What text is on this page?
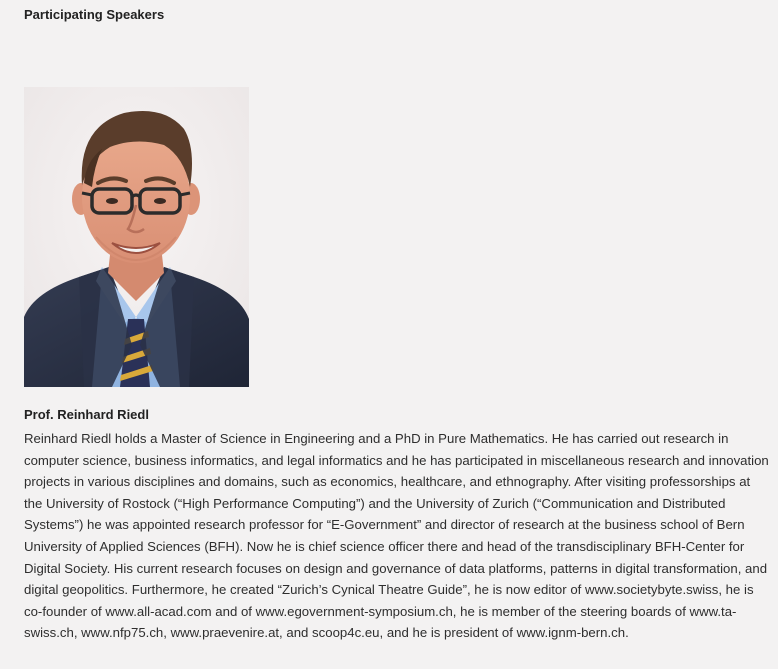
Participating Speakers
Prof. Reinhard Riedl

Reinhard Riedl holds a Master of Science in Engineering and a PhD in Pure Mathematics. He has carried out research in computer science, business informatics, and legal informatics and he has participated in miscellaneous research and innovation projects in various disciplines and domains, such as economics, healthcare, and ethnography. After visiting professorships at the University of Rostock (“High Performance Computing”) and the University of Zurich (“Communication and Distributed Systems”) he was appointed research professor for “E-Government” and director of research at the business school of Bern University of Applied Sciences (BFH). Now he is chief science officer there and head of the transdisciplinary BFH-Center for Digital Society. His current research focuses on design and governance of data platforms, patterns in digital transformation, and digital geopolitics. Furthermore, he created “Zurich’s Cynical Theatre Guide”, he is now editor of www.societybyte.swiss, he is co-founder of www.all-acad.com and of www.egovernment-symposium.ch, he is member of the steering boards of www.ta-swiss.ch, www.nfp75.ch, www.praevenire.at, and scoop4c.eu, and he is president of www.ignm-bern.ch.
